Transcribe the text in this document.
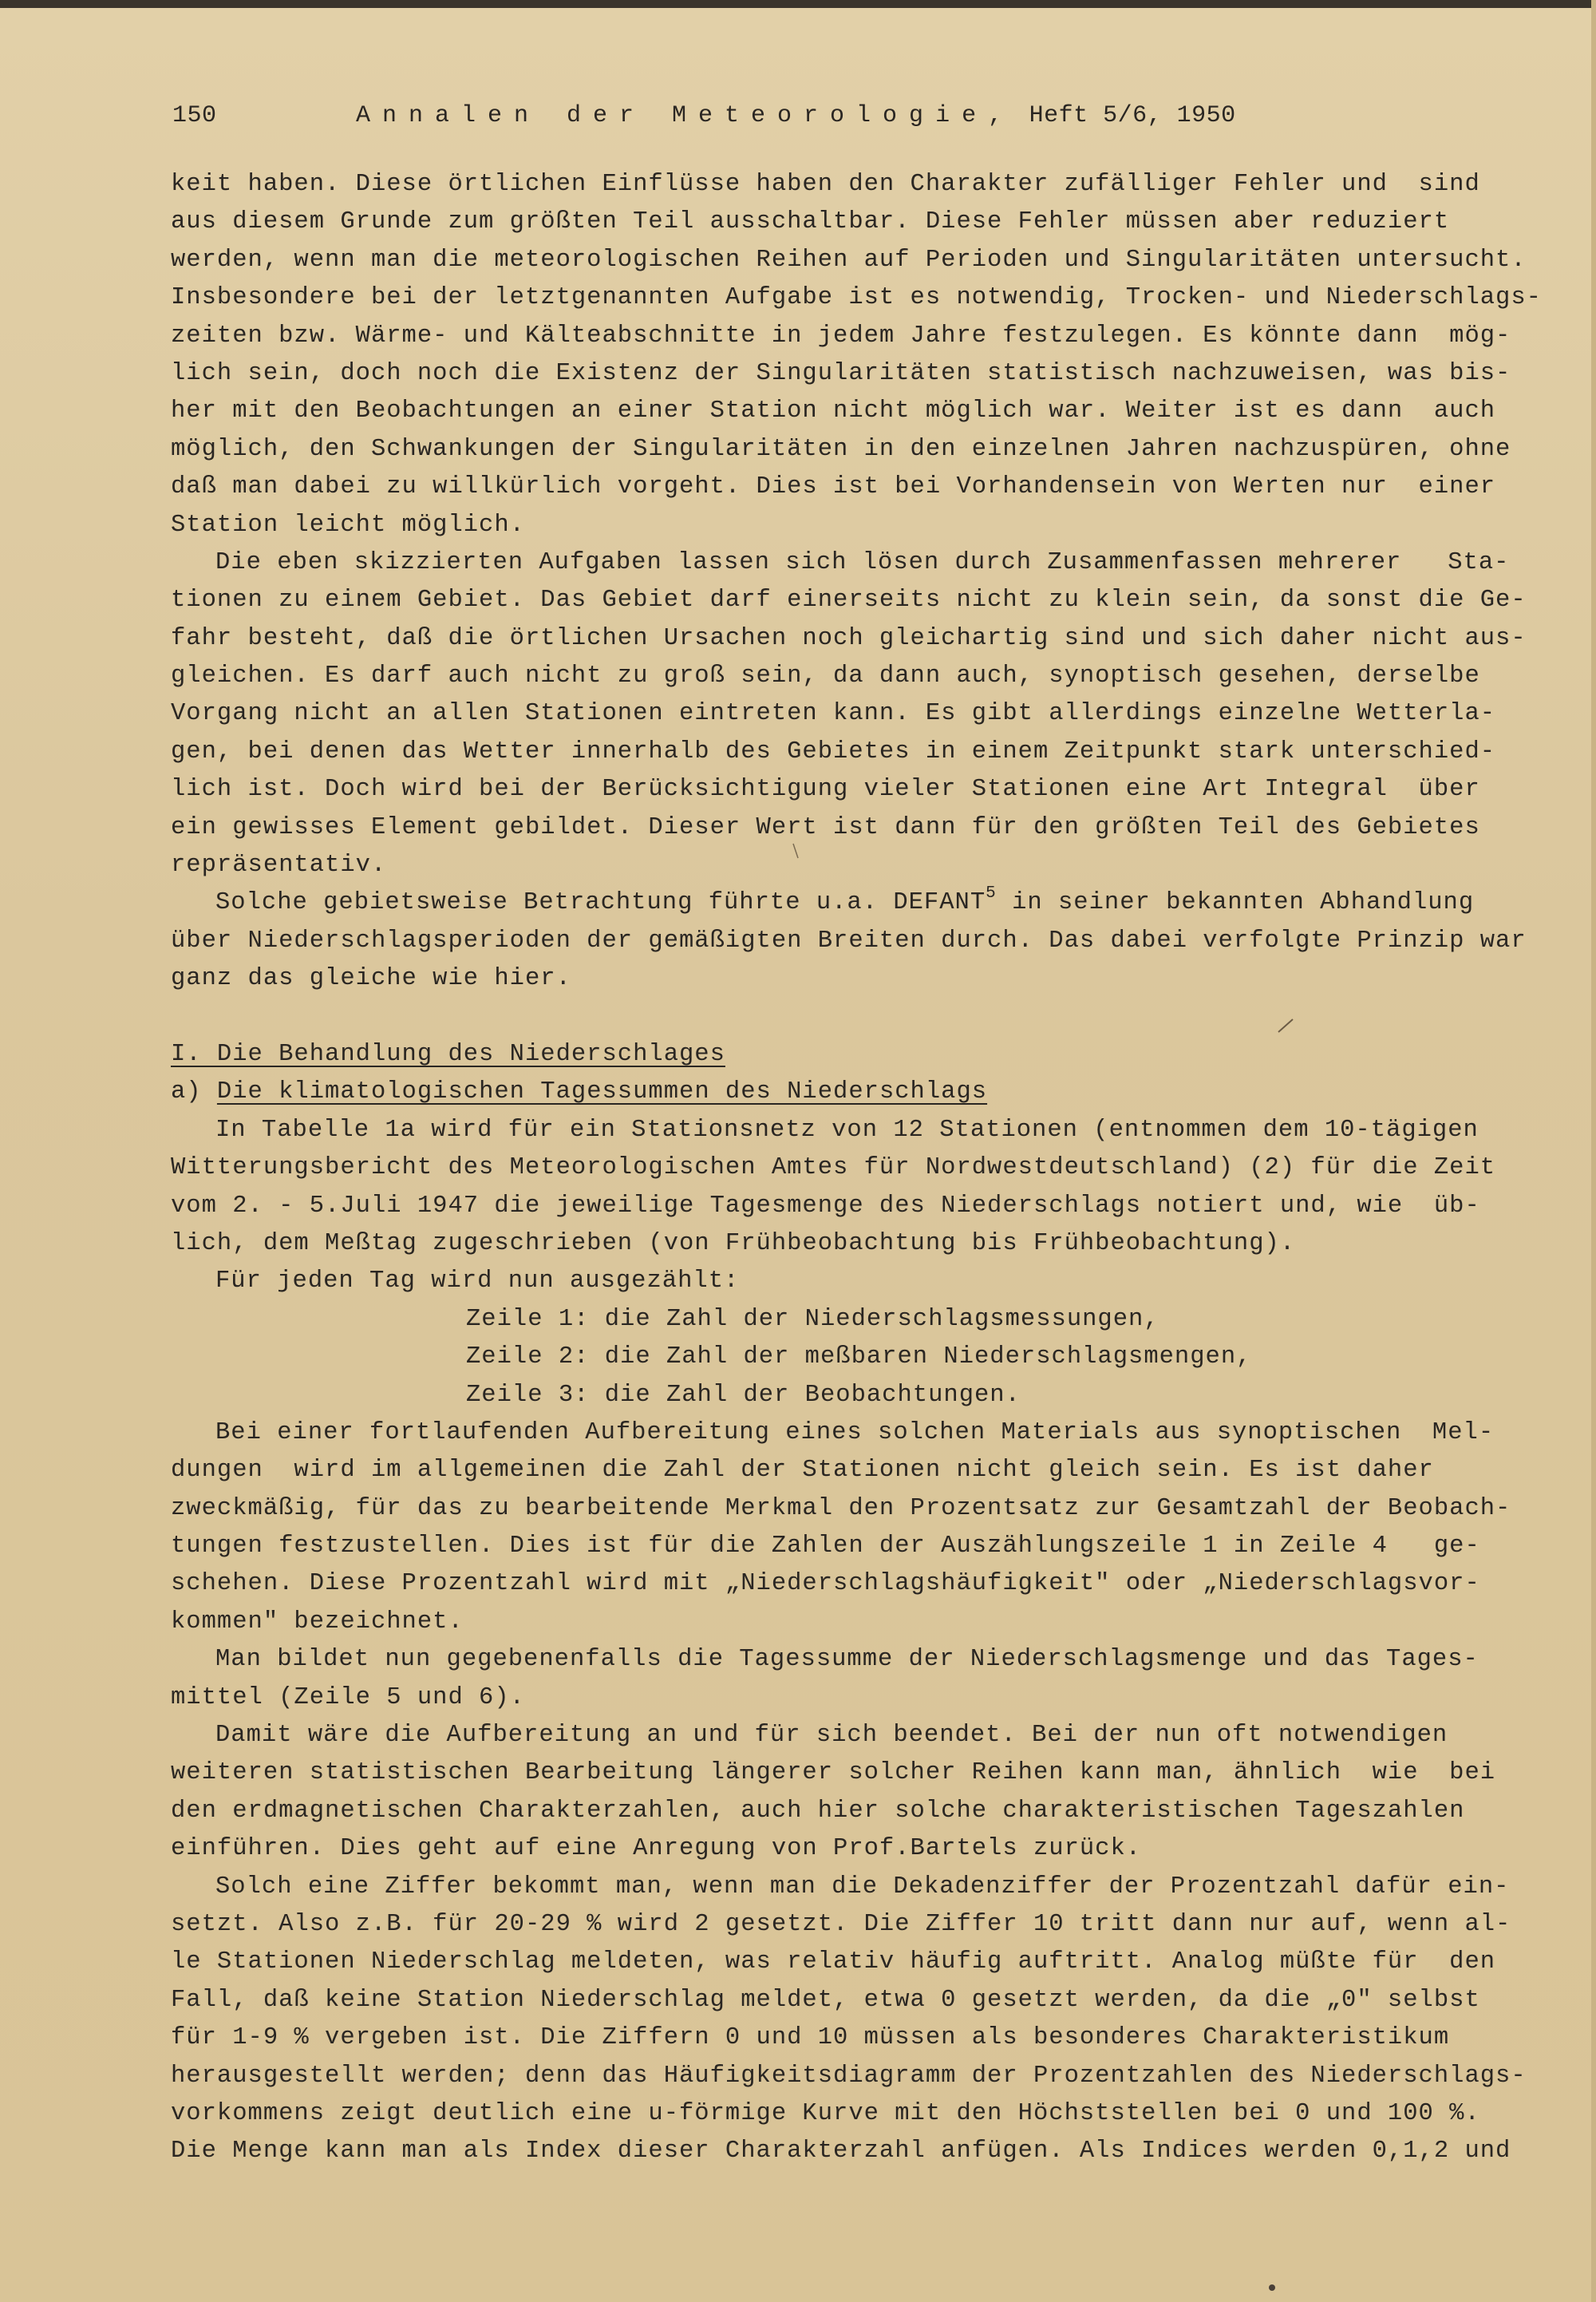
150	Annalen der Meteorologie, Heft 5/6, 1950
keit haben. Diese örtlichen Einflüsse haben den Charakter zufälliger Fehler und  sind
aus diesem Grunde zum größten Teil ausschaltbar. Diese Fehler müssen aber reduziert
werden, wenn man die meteorologischen Reihen auf Perioden und Singularitäten untersucht.
Insbesondere bei der letztgenannten Aufgabe ist es notwendig, Trocken- und Niederschlags-
zeiten bzw. Wärme- und Kälteabschnitte in jedem Jahre festzulegen. Es könnte dann  mög-
lich sein, doch noch die Existenz der Singularitäten statistisch nachzuweisen, was bis-
her mit den Beobachtungen an einer Station nicht möglich war. Weiter ist es dann  auch
möglich, den Schwankungen der Singularitäten in den einzelnen Jahren nachzuspüren, ohne
daß man dabei zu willkürlich vorgeht. Dies ist bei Vorhandensein von Werten nur  einer
Station leicht möglich.
Die eben skizzierten Aufgaben lassen sich lösen durch Zusammenfassen mehrerer   Sta-
tionen zu einem Gebiet. Das Gebiet darf einerseits nicht zu klein sein, da sonst die Ge-
fahr besteht, daß die örtlichen Ursachen noch gleichartig sind und sich daher nicht aus-
gleichen. Es darf auch nicht zu groß sein, da dann auch, synoptisch gesehen, derselbe
Vorgang nicht an allen Stationen eintreten kann. Es gibt allerdings einzelne Wetterla-
gen, bei denen das Wetter innerhalb des Gebietes in einem Zeitpunkt stark unterschied-
lich ist. Doch wird bei der Berücksichtigung vieler Stationen eine Art Integral  über
ein gewisses Element gebildet. Dieser Wert ist dann für den größten Teil des Gebietes
repräsentativ.
Solche gebietsweise Betrachtung führte u.a. DEFANT$^5$ in seiner bekannten Abhandlung
über Niederschlagsperioden der gemäßigten Breiten durch. Das dabei verfolgte Prinzip war
ganz das gleiche wie hier.
I. Die Behandlung des Niederschlages
a) Die klimatologischen Tagessummen des Niederschlags
In Tabelle 1a wird für ein Stationsnetz von 12 Stationen (entnommen dem 10-tägigen
Witterungsbericht des Meteorologischen Amtes für Nordwestdeutschland) (2) für die Zeit
vom 2. - 5.Juli 1947 die jeweilige Tagesmenge des Niederschlags notiert und, wie  üb-
lich, dem Meßtag zugeschrieben (von Frühbeobachtung bis Frühbeobachtung).
Für jeden Tag wird nun ausgezählt:
Zeile 1: die Zahl der Niederschlagsmessungen,
Zeile 2: die Zahl der meßbaren Niederschlagsmengen,
Zeile 3: die Zahl der Beobachtungen.
Bei einer fortlaufenden Aufbereitung eines solchen Materials aus synoptischen  Mel-
dungen  wird im allgemeinen die Zahl der Stationen nicht gleich sein. Es ist daher
zweckmäßig, für das zu bearbeitende Merkmal den Prozentsatz zur Gesamtzahl der Beobach-
tungen festzustellen. Dies ist für die Zahlen der Auszählungszeile 1 in Zeile 4   ge-
schehen. Diese Prozentzahl wird mit „Niederschlagshäufigkeit" oder „Niederschlagsvor-
kommen" bezeichnet.
Man bildet nun gegebenenfalls die Tagessumme der Niederschlagsmenge und das Tages-
mittel (Zeile 5 und 6).
Damit wäre die Aufbereitung an und für sich beendet. Bei der nun oft notwendigen
weiteren statistischen Bearbeitung längerer solcher Reihen kann man, ähnlich  wie  bei
den erdmagnetischen Charakterzahlen, auch hier solche charakteristischen Tageszahlen
einführen. Dies geht auf eine Anregung von Prof.Bartels zurück.
Solch eine Ziffer bekommt man, wenn man die Dekadenziffer der Prozentzahl dafür ein-
setzt. Also z.B. für 20-29 % wird 2 gesetzt. Die Ziffer 10 tritt dann nur auf, wenn al-
le Stationen Niederschlag meldeten, was relativ häufig auftritt. Analog müßte für  den
Fall, daß keine Station Niederschlag meldet, etwa 0 gesetzt werden, da die „0" selbst
für 1-9 % vergeben ist. Die Ziffern 0 und 10 müssen als besonderes Charakteristikum
herausgestellt werden; denn das Häufigkeitsdiagramm der Prozentzahlen des Niederschlags-
vorkommens zeigt deutlich eine u-förmige Kurve mit den Höchststellen bei 0 und 100 %.
Die Menge kann man als Index dieser Charakterzahl anfügen. Als Indices werden 0,1,2 und
